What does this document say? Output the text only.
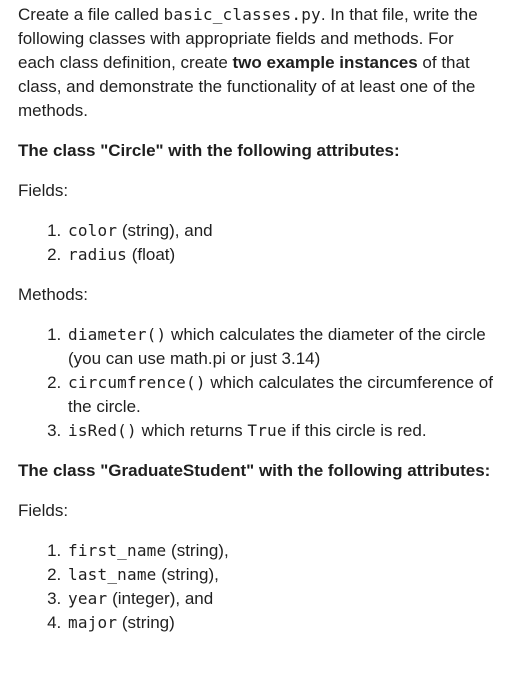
Create a file called basic_classes.py. In that file, write the following classes with appropriate fields and methods. For each class definition, create two example instances of that class, and demonstrate the functionality of at least one of the methods.

The class "Circle" with the following attributes:

Fields:

1. color (string), and
2. radius (float)

Methods:

1. diameter() which calculates the diameter of the circle (you can use math.pi or just 3.14)
2. circumfrence() which calculates the circumference of the circle.
3. isRed() which returns True if this circle is red.

The class "GraduateStudent" with the following attributes:

Fields:

1. first_name (string),
2. last_name (string),
3. year (integer), and
4. major (string)
